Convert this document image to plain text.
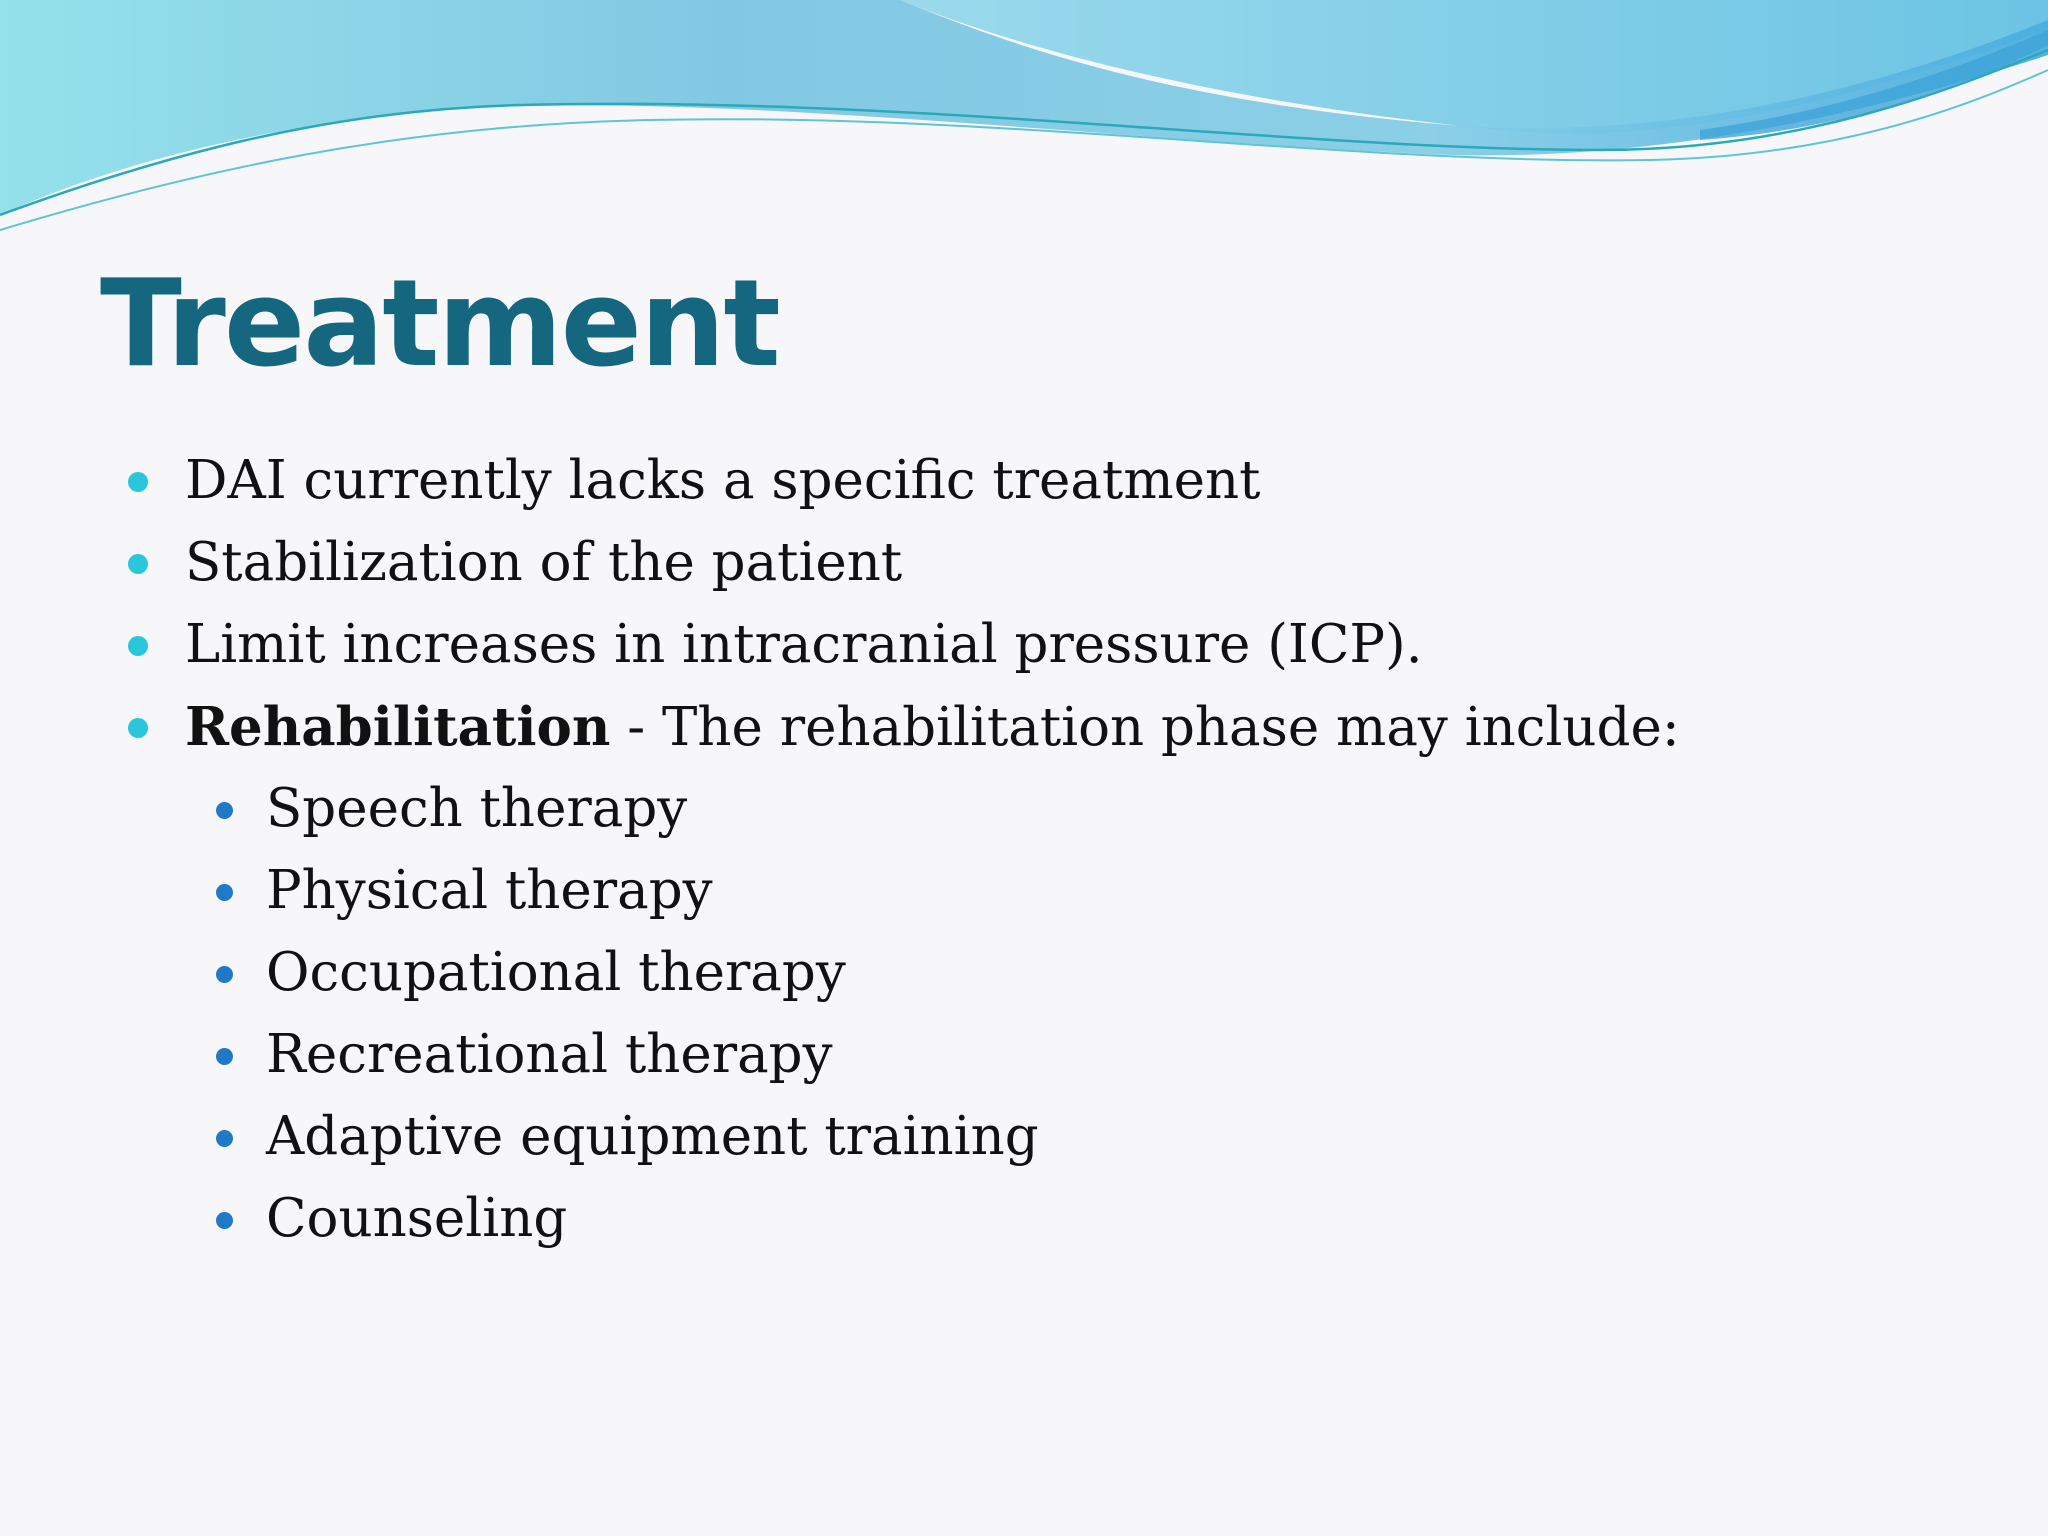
Treatment
DAI currently lacks a specific treatment
Stabilization of the patient
Limit increases in intracranial pressure (ICP).
Rehabilitation - The rehabilitation phase may include:
Speech therapy
Physical therapy
Occupational therapy
Recreational therapy
Adaptive equipment training
Counseling
